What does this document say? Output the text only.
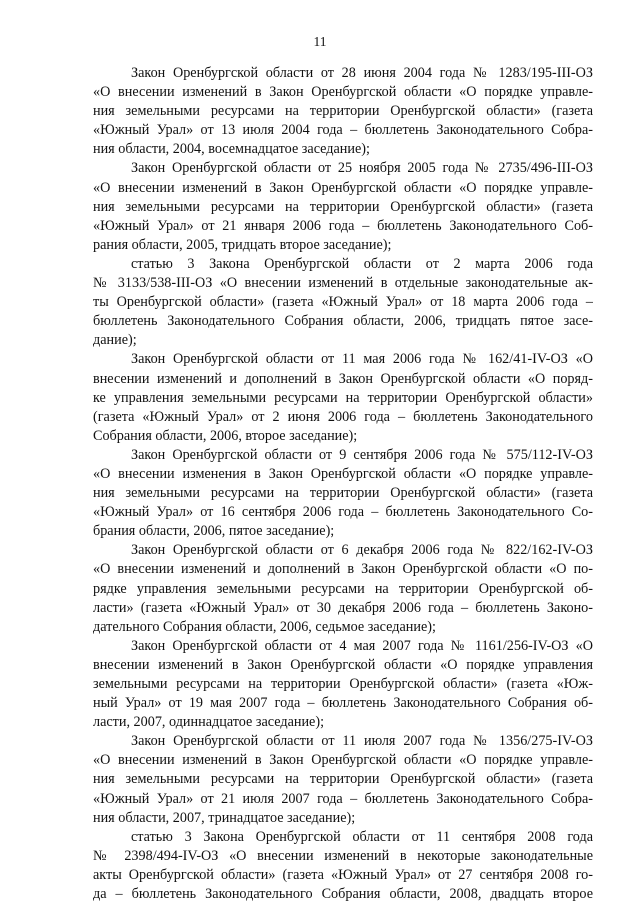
11
Закон Оренбургской области от 28 июня 2004 года № 1283/195-III-ОЗ
«О внесении изменений в Закон Оренбургской области «О порядке управле-
ния земельными ресурсами на территории Оренбургской области» (газета
«Южный Урал» от 13 июля 2004 года – бюллетень Законодательного Собра-
ния области, 2004, восемнадцатое заседание);
Закон Оренбургской области от 25 ноября 2005 года № 2735/496-III-ОЗ
«О внесении изменений в Закон Оренбургской области «О порядке управле-
ния земельными ресурсами на территории Оренбургской области» (газета
«Южный Урал» от 21 января 2006 года – бюллетень Законодательного Соб-
рания области, 2005, тридцать второе заседание);
статью 3 Закона Оренбургской области от 2 марта 2006 года
№ 3133/538-III-ОЗ «О внесении изменений в отдельные законодательные ак-
ты Оренбургской области» (газета «Южный Урал» от 18 марта 2006 года –
бюллетень Законодательного Собрания области, 2006, тридцать пятое засе-
дание);
Закон Оренбургской области от 11 мая 2006 года № 162/41-IV-ОЗ «О
внесении изменений и дополнений в Закон Оренбургской области «О поряд-
ке управления земельными ресурсами на территории Оренбургской области»
(газета «Южный Урал» от 2 июня 2006 года – бюллетень Законодательного
Собрания области, 2006, второе заседание);
Закон Оренбургской области от 9 сентября 2006 года № 575/112-IV-ОЗ
«О внесении изменения в Закон Оренбургской области «О порядке управле-
ния земельными ресурсами на территории Оренбургской области» (газета
«Южный Урал» от 16 сентября 2006 года – бюллетень Законодательного Со-
брания области, 2006, пятое заседание);
Закон Оренбургской области от 6 декабря 2006 года № 822/162-IV-ОЗ
«О внесении изменений и дополнений в Закон Оренбургской области «О по-
рядке управления земельными ресурсами на территории Оренбургской об-
ласти» (газета «Южный Урал» от 30 декабря 2006 года – бюллетень Законо-
дательного Собрания области, 2006, седьмое заседание);
Закон Оренбургской области от 4 мая 2007 года № 1161/256-IV-ОЗ «О
внесении изменений в Закон Оренбургской области «О порядке управления
земельными ресурсами на территории Оренбургской области» (газета «Юж-
ный Урал» от 19 мая 2007 года – бюллетень Законодательного Собрания об-
ласти, 2007, одиннадцатое заседание);
Закон Оренбургской области от 11 июля 2007 года № 1356/275-IV-ОЗ
«О внесении изменений в Закон Оренбургской области «О порядке управле-
ния земельными ресурсами на территории Оренбургской области» (газета
«Южный Урал» от 21 июля 2007 года – бюллетень Законодательного Собра-
ния области, 2007, тринадцатое заседание);
статью 3 Закона Оренбургской области от 11 сентября 2008 года
№ 2398/494-IV-ОЗ «О внесении изменений в некоторые законодательные
акты Оренбургской области» (газета «Южный Урал» от 27 сентября 2008 го-
да – бюллетень Законодательного Собрания области, 2008, двадцать второе
